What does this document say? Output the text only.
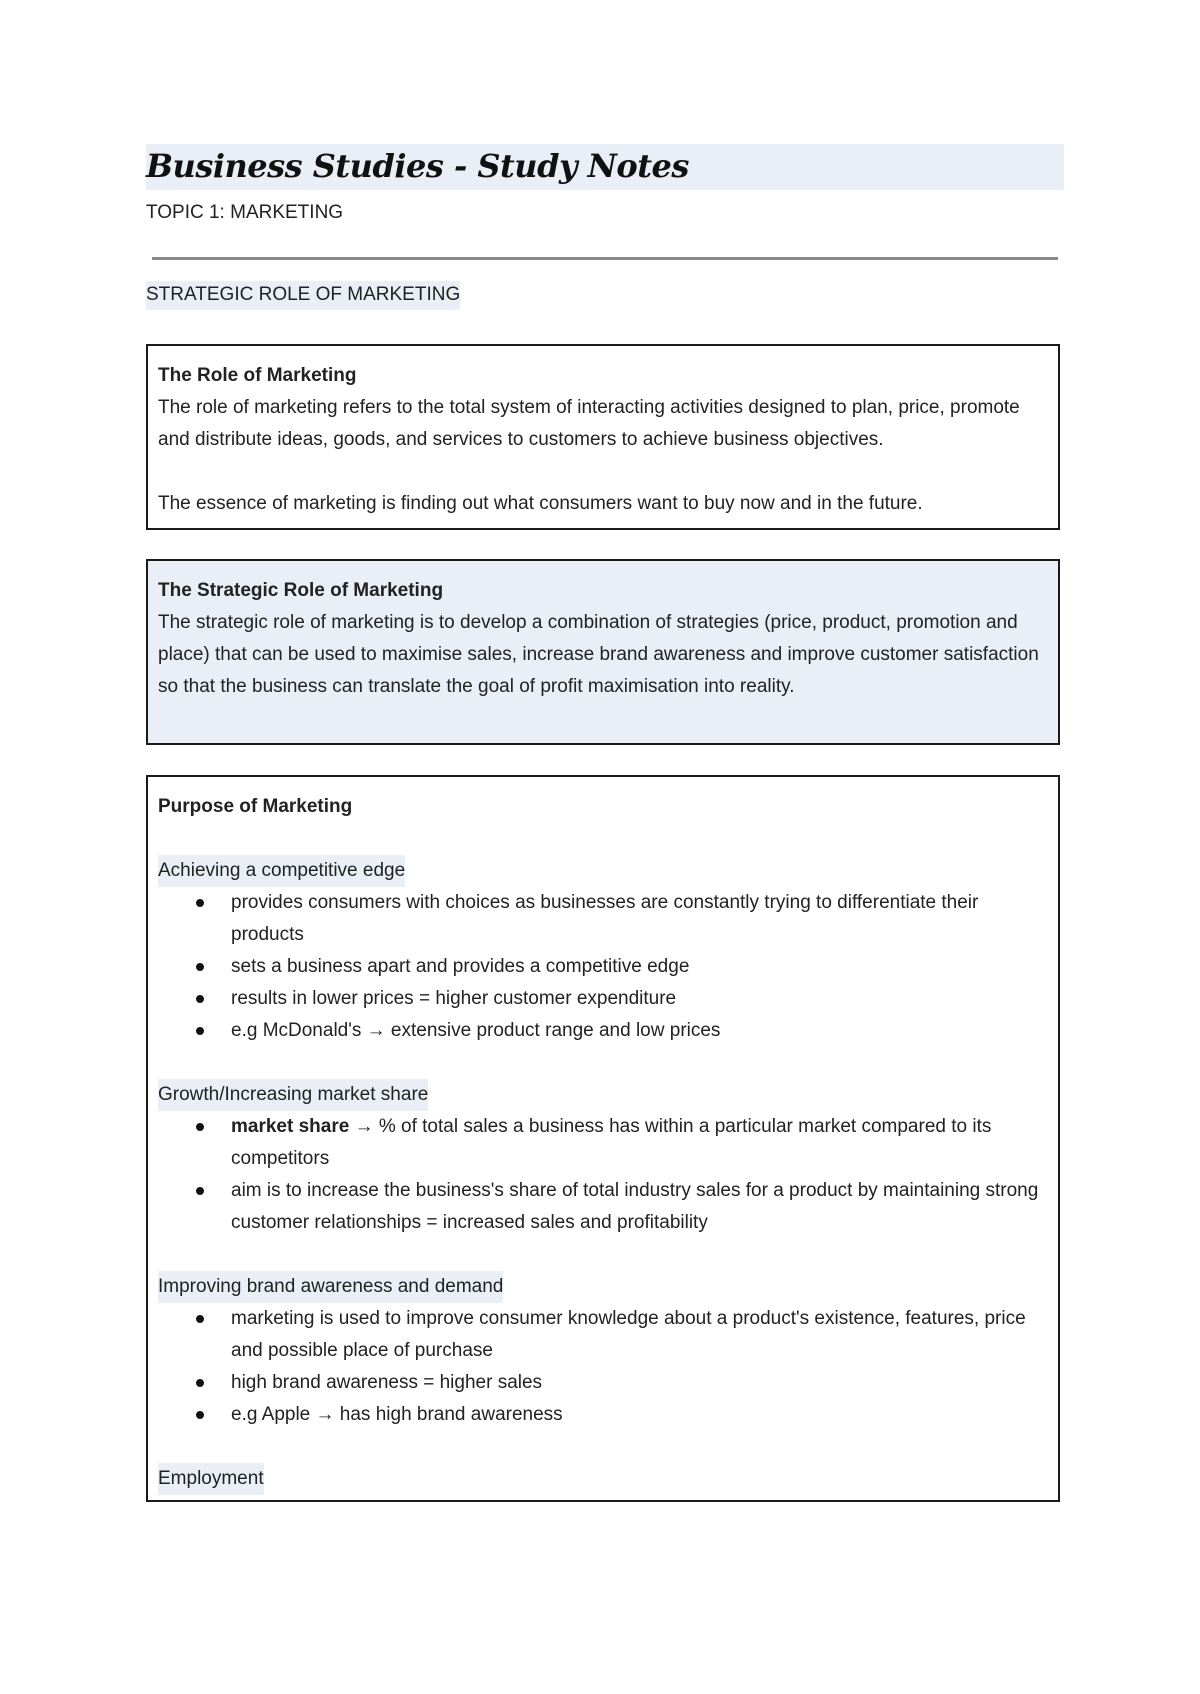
Business Studies - Study Notes
TOPIC 1: MARKETING
STRATEGIC ROLE OF MARKETING

The Role of Marketing

The role of marketing refers to the total system of interacting activities designed to plan, price, promote and distribute ideas, goods, and services to customers to achieve business objectives.

The essence of marketing is finding out what consumers want to buy now and in the future.

The Strategic Role of Marketing

The strategic role of marketing is to develop a combination of strategies (price, product, promotion and place) that can be used to maximise sales, increase brand awareness and improve customer satisfaction so that the business can translate the goal of profit maximisation into reality.

Purpose of Marketing

Achieving a competitive edge
provides consumers with choices as businesses are constantly trying to differentiate their products
sets a business apart and provides a competitive edge
results in lower prices = higher customer expenditure
e.g McDonald's → extensive product range and low prices
Growth/Increasing market share
market share → % of total sales a business has within a particular market compared to its competitors
aim is to increase the business's share of total industry sales for a product by maintaining strong customer relationships = increased sales and profitability
Improving brand awareness and demand
marketing is used to improve consumer knowledge about a product's existence, features, price and possible place of purchase
high brand awareness = higher sales
e.g Apple → has high brand awareness
Employment
